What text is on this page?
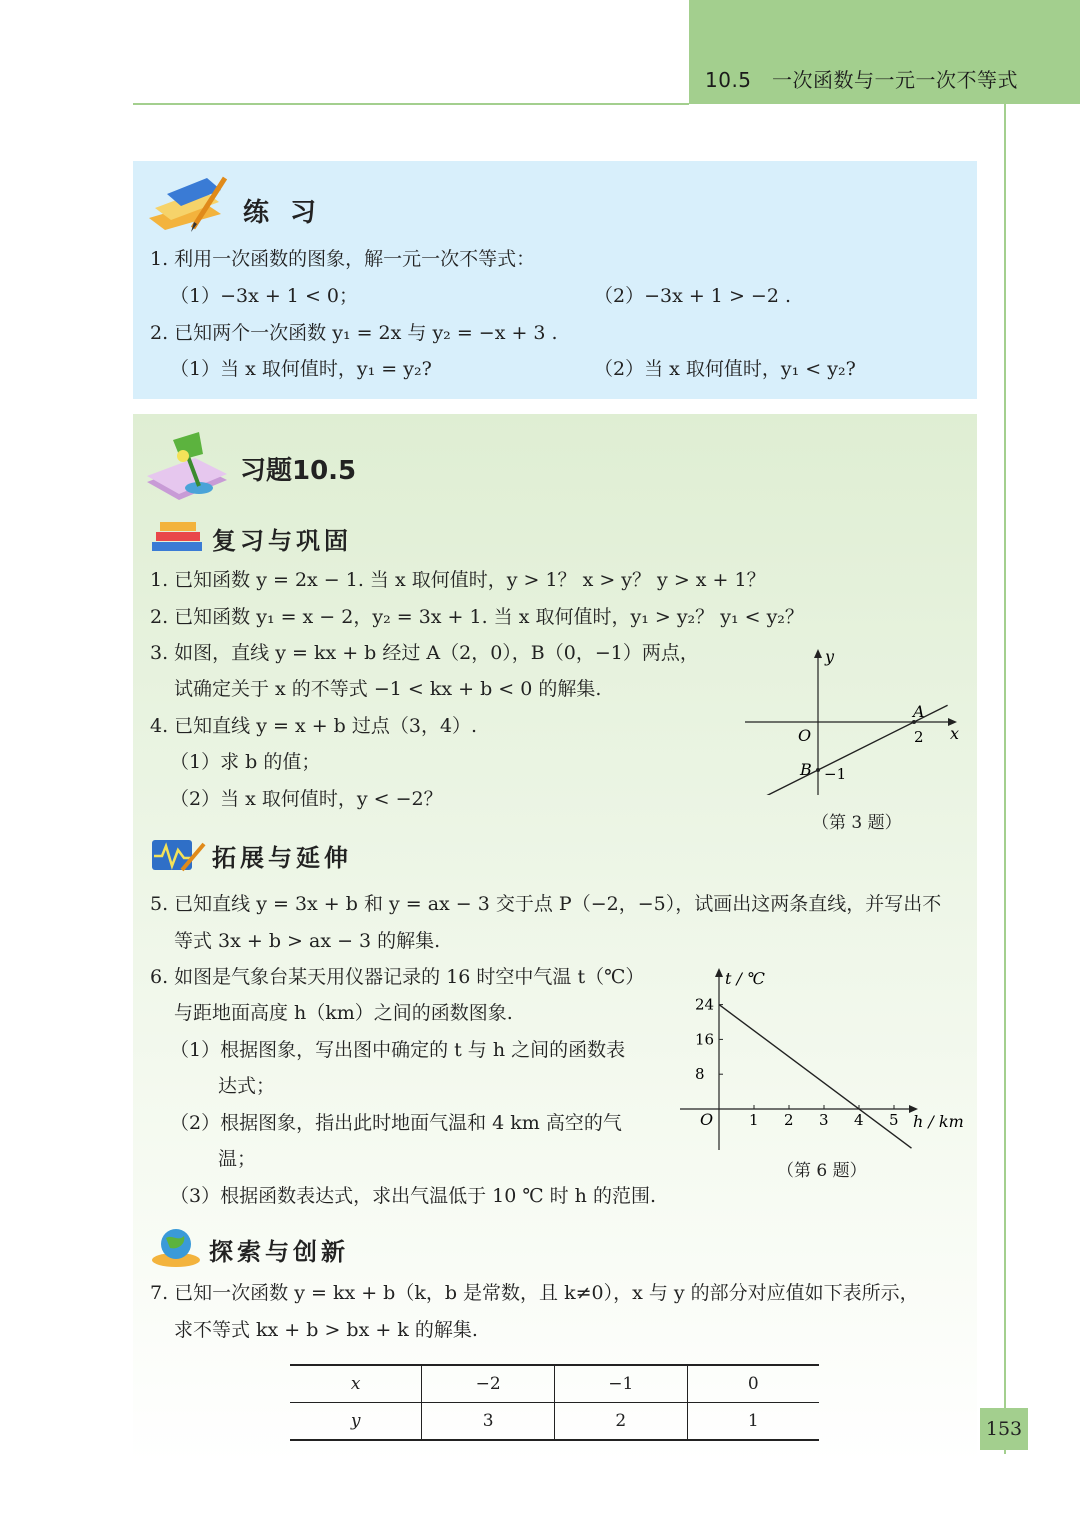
10.5　一次函数与一元一次不等式
练 习
1. 利用一次函数的图象，解一元一次不等式：
（1）−3x + 1 < 0；	（2）−3x + 1 > −2 .
2. 已知两个一次函数 y₁ = 2x 与 y₂ = −x + 3 .
（1）当 x 取何值时，y₁ = y₂?	（2）当 x 取何值时，y₁ < y₂?
习题10.5
复习与巩固
1. 已知函数 y = 2x − 1. 当 x 取何值时，y > 1？ x > y？ y > x + 1？
2. 已知函数 y₁ = x − 2，y₂ = 3x + 1. 当 x 取何值时，y₁ > y₂？ y₁ < y₂？
3. 如图，直线 y = kx + b 经过 A（2，0），B（0，−1）两点，
试确定关于 x 的不等式 −1 < kx + b < 0 的解集.
4. 已知直线 y = x + b 过点（3，4）.
（1）求 b 的值；
（2）当 x 取何值时，y < −2？
x
y
O
A
2
B −1
（第 3 题）
拓展与延伸
5. 已知直线 y = 3x + b 和 y = ax − 3 交于点 P（−2，−5），试画出这两条直线，并写出不
等式 3x + b > ax − 3 的解集.
6. 如图是气象台某天用仪器记录的 16 时空中气温 t（℃）
与距地面高度 h（km）之间的函数图象.
（1）根据图象，写出图中确定的 t 与 h 之间的函数表
达式；
（2）根据图象，指出此时地面气温和 4 km 高空的气
温；
（3）根据函数表达式，求出气温低于 10 ℃ 时 h 的范围.
1 2 3 4 5
8
16
24
t / ℃
h / km
O
（第 6 题）
探索与创新
7. 已知一次函数 y = kx + b（k，b 是常数，且 k≠0），x 与 y 的部分对应值如下表所示，
求不等式 kx + b > bx + k 的解集.
x	−2	−1	0
y	3	2	1	153
